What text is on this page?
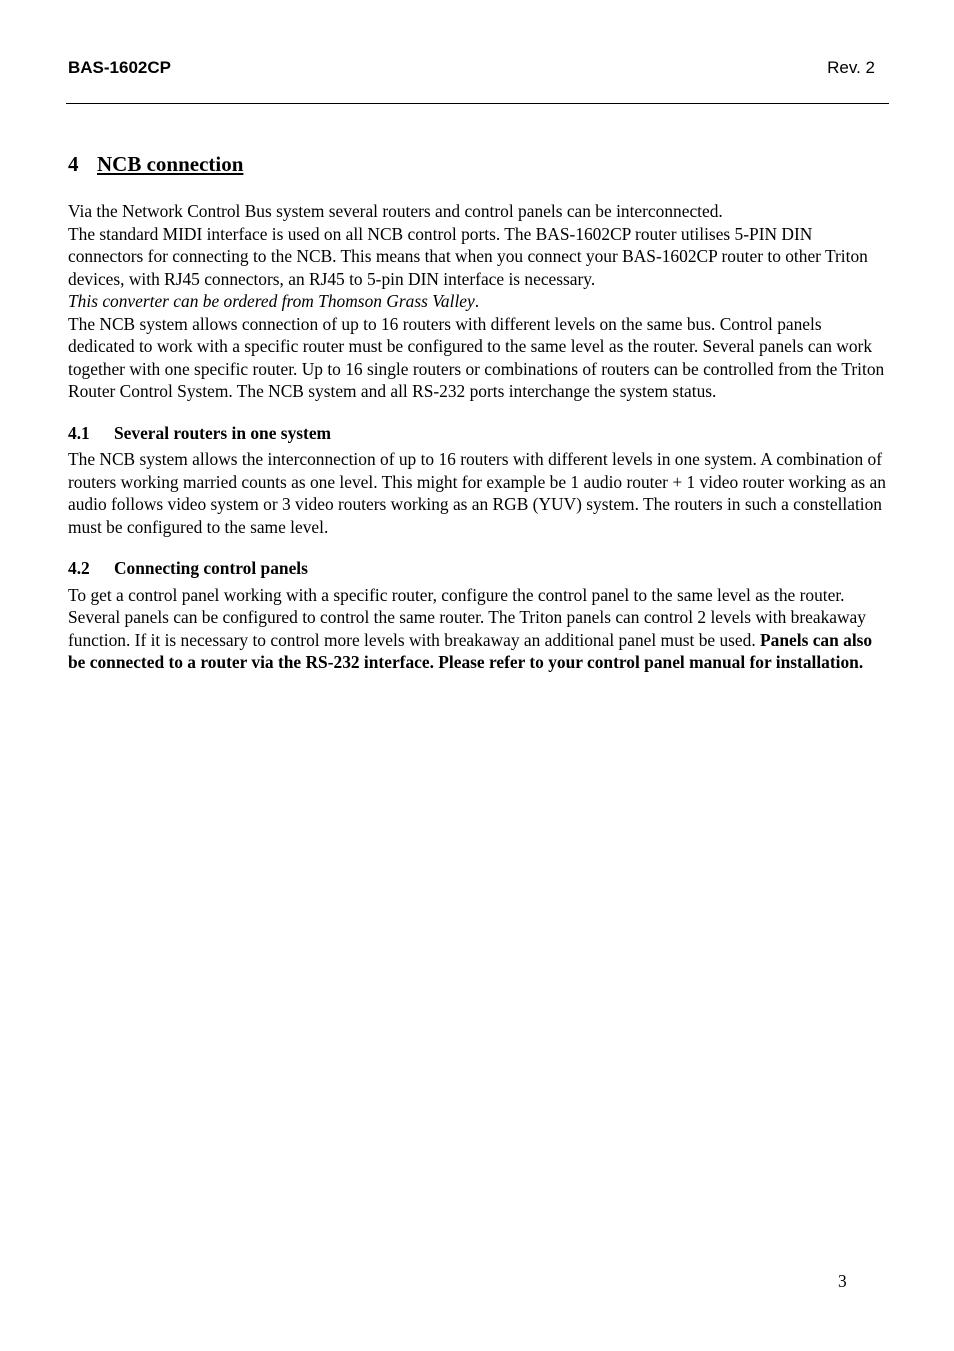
BAS-1602CP	Rev. 2
4 NCB connection

Via the Network Control Bus system several routers and control panels can be interconnected.

The standard MIDI interface is used on all NCB control ports. The BAS-1602CP router utilises 5-PIN DIN connectors for connecting to the NCB. This means that when you connect your BAS-1602CP router to other Triton devices, with RJ45 connectors, an RJ45 to 5-pin DIN interface is necessary.

This converter can be ordered from Thomson Grass Valley.

The NCB system allows connection of up to 16 routers with different levels on the same bus. Control panels dedicated to work with a specific router must be configured to the same level as the router. Several panels can work together with one specific router. Up to 16 single routers or combinations of routers can be controlled from the Triton Router Control System. The NCB system and all RS-232 ports interchange the system status.

4.1 Several routers in one system

The NCB system allows the interconnection of up to 16 routers with different levels in one system. A combination of routers working married counts as one level. This might for example be 1 audio router + 1 video router working as an audio follows video system or 3 video routers working as an RGB (YUV) system. The routers in such a constellation must be configured to the same level.

4.2 Connecting control panels

To get a control panel working with a specific router, configure the control panel to the same level as the router. Several panels can be configured to control the same router. The Triton panels can control 2 levels with breakaway function. If it is necessary to control more levels with breakaway an additional panel must be used. Panels can also be connected to a router via the RS-232 interface. Please refer to your control panel manual for installation.

3
